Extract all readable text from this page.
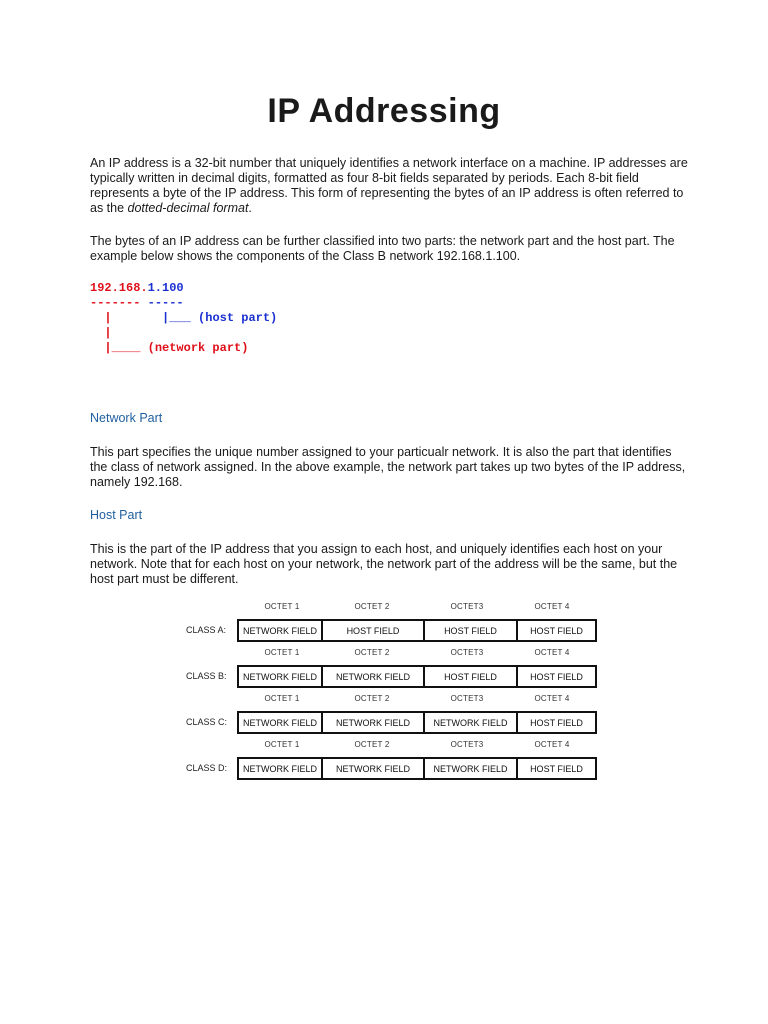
IP Addressing

An IP address is a 32-bit number that uniquely identifies a network interface on a machine. IP addresses are typically written in decimal digits, formatted as four 8-bit fields separated by periods. Each 8-bit field represents a byte of the IP address. This form of representing the bytes of an IP address is often referred to as the dotted-decimal format.

The bytes of an IP address can be further classified into two parts: the network part and the host part. The example below shows the components of the Class B network 192.168.1.100.

192.168.1.100
------- -----
|	|___ (host part)
|
|____ (network part)
Network Part

This part specifies the unique number assigned to your particualr network. It is also the part that identifies the class of network assigned. In the above example, the network part takes up two bytes of the IP address, namely 192.168.

Host Part

This is the part of the IP address that you assign to each host, and uniquely identifies each host on your network. Note that for each host on your network, the network part of the address will be the same, but the host part must be different.

OCTET 1	OCTET 2	OCTET3	OCTET 4
CLASS A:	NETWORK FIELD	HOST FIELD	HOST FIELD	HOST FIELD
OCTET 1	OCTET 2	OCTET3	OCTET 4
CLASS B:	NETWORK FIELD	NETWORK FIELD	HOST FIELD	HOST FIELD
OCTET 1	OCTET 2	OCTET3	OCTET 4
CLASS C:	NETWORK FIELD	NETWORK FIELD	NETWORK FIELD	HOST FIELD
OCTET 1	OCTET 2	OCTET3	OCTET 4
CLASS D:	NETWORK FIELD	NETWORK FIELD	NETWORK FIELD	HOST FIELD
